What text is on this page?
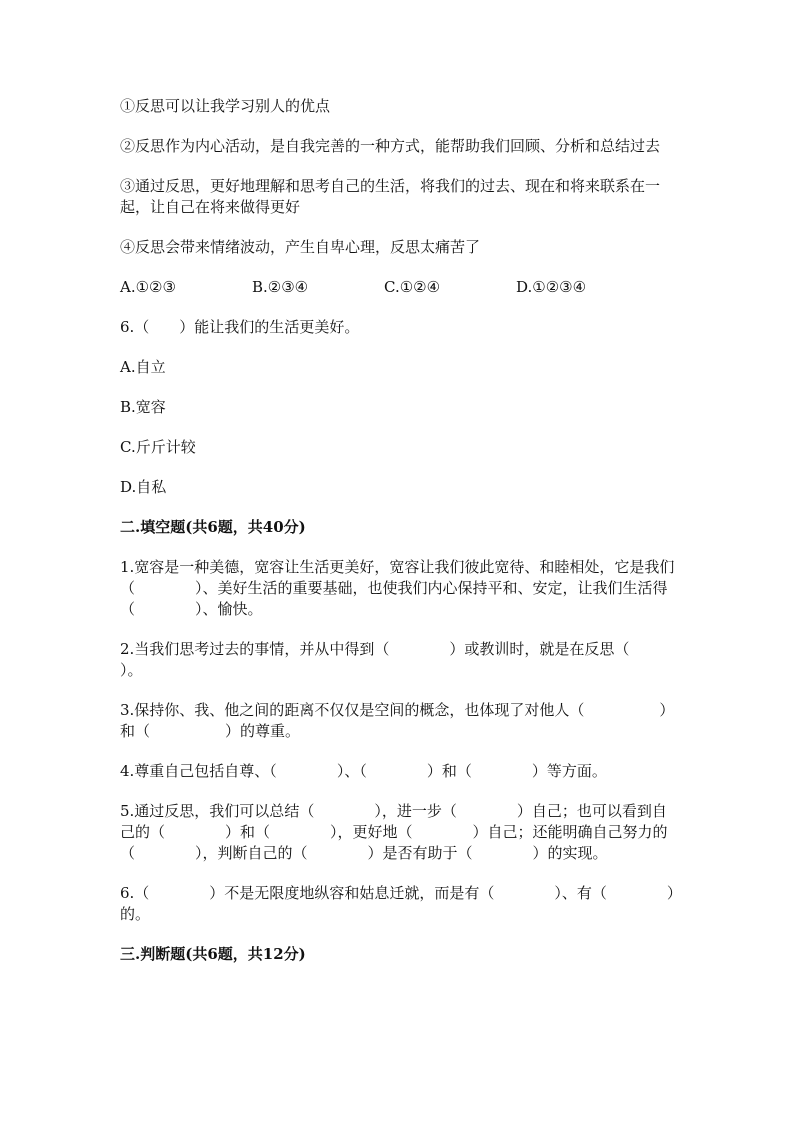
①反思可以让我学习别人的优点

②反思作为内心活动，是自我完善的一种方式，能帮助我们回顾、分析和总结过去

③通过反思，更好地理解和思考自己的生活，将我们的过去、现在和将来联系在一起，让自己在将来做得更好

④反思会带来情绪波动，产生自卑心理，反思太痛苦了

A.①②③	B.②③④	C.①②④	D.①②③④

6.（　　）能让我们的生活更美好。

A.自立

B.宽容

C.斤斤计较

D.自私

二.填空题(共6题，共40分)

1.宽容是一种美德，宽容让生活更美好，宽容让我们彼此宽待、和睦相处，它是我们（　　　　）、美好生活的重要基础，也使我们内心保持平和、安定，让我们生活得（　　　　）、愉快。

2.当我们思考过去的事情，并从中得到（　　　　）或教训时，就是在反思（　　　　）。

3.保持你、我、他之间的距离不仅仅是空间的概念，也体现了对他人（　　　　　）和（　　　　　）的尊重。

4.尊重自己包括自尊、（　　　　）、（　　　　）和（　　　　）等方面。

5.通过反思，我们可以总结（　　　　），进一步（　　　　）自己；也可以看到自己的（　　　　）和（　　　　），更好地（　　　　）自己；还能明确自己努力的（　　　　），判断自己的（　　　　）是否有助于（　　　　）的实现。

6.（　　　　）不是无限度地纵容和姑息迁就，而是有（　　　　）、有（　　　　）的。

三.判断题(共6题，共12分)
